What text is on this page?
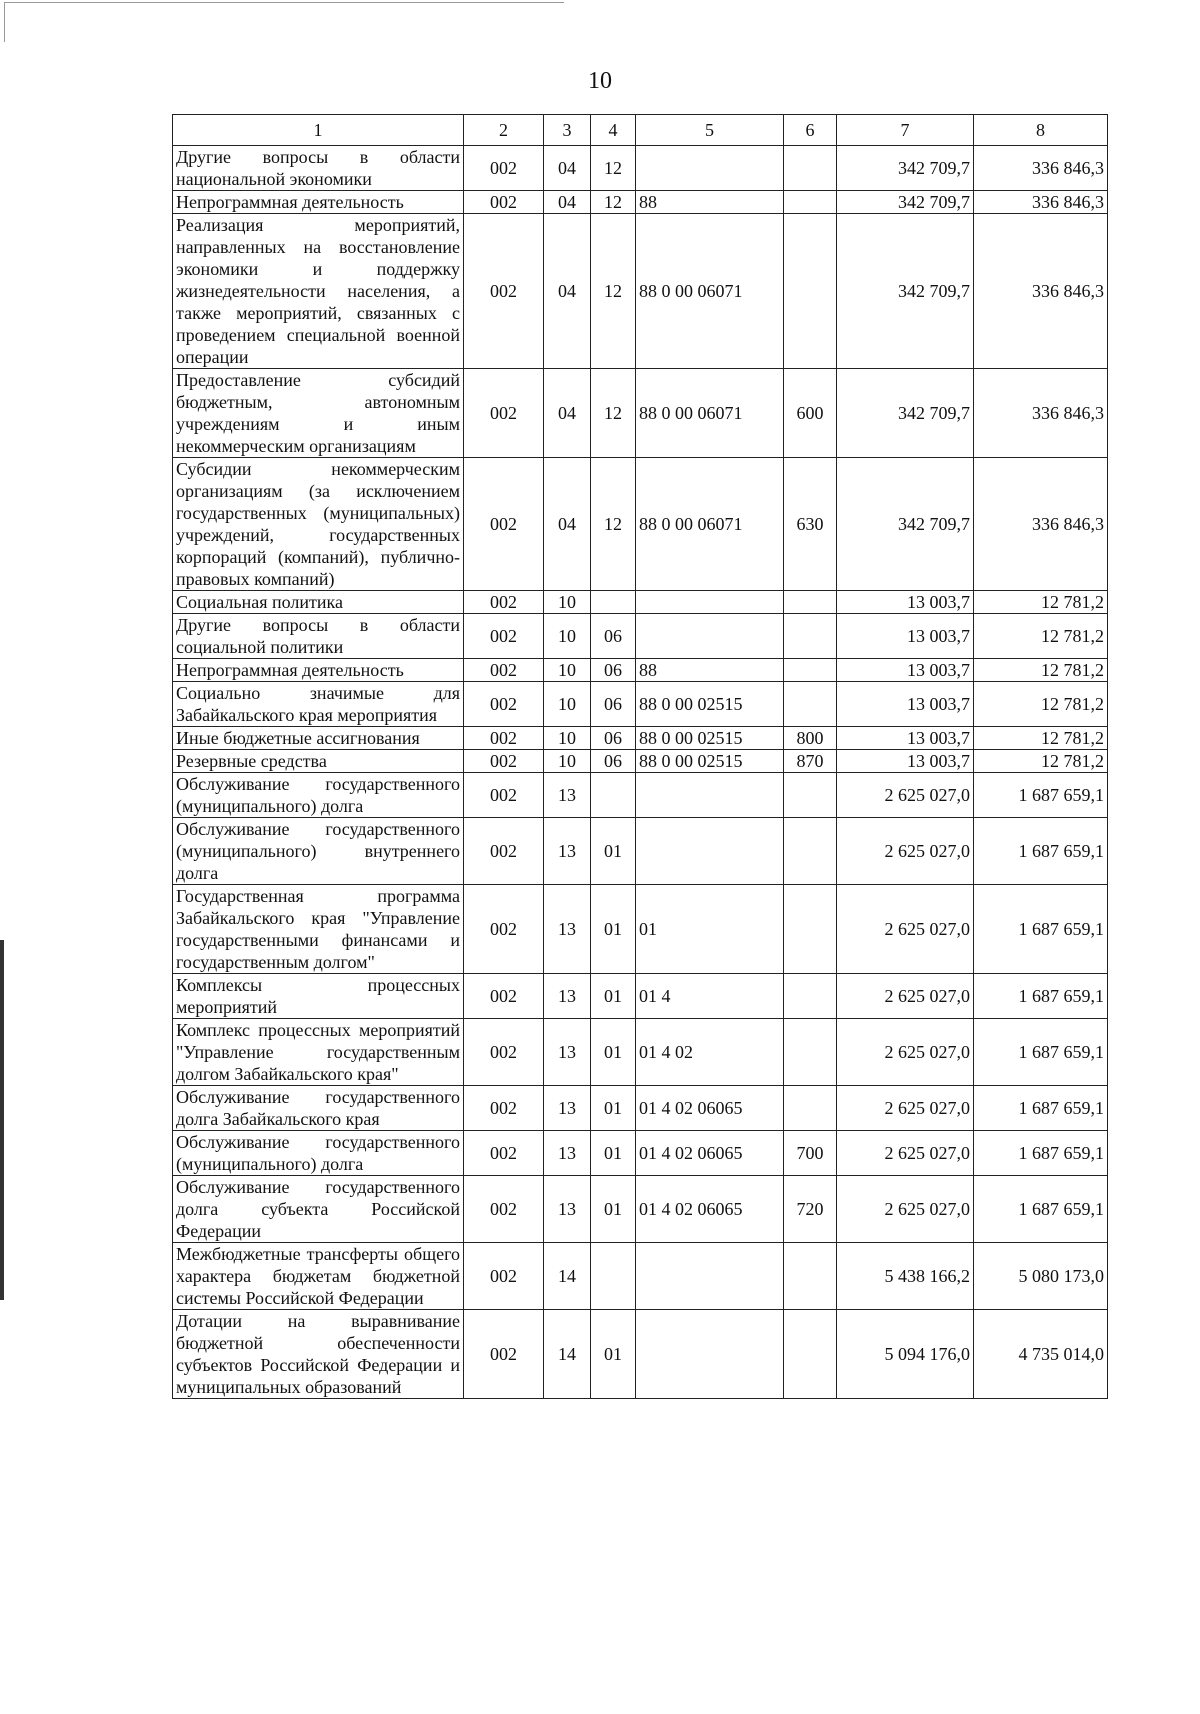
10
1	2	3	4	5	6	7	8
Другие вопросы в области национальной экономики	002	04	12			342 709,7	336 846,3
Непрограммная деятельность	002	04	12	88		342 709,7	336 846,3
Реализация мероприятий, направленных на восстановление экономики и поддержку жизнедеятельности населения, а также мероприятий, связанных с проведением специальной военной операции	002	04	12	88 0 00 06071		342 709,7	336 846,3
Предоставление субсидий бюджетным, автономным учреждениям и иным некоммерческим организациям	002	04	12	88 0 00 06071	600	342 709,7	336 846,3
Субсидии некоммерческим организациям (за исключением государственных (муниципальных) учреждений, государственных корпораций (компаний), публично-правовых компаний)	002	04	12	88 0 00 06071	630	342 709,7	336 846,3
Социальная политика	002	10				13 003,7	12 781,2
Другие вопросы в области социальной политики	002	10	06			13 003,7	12 781,2
Непрограммная деятельность	002	10	06	88		13 003,7	12 781,2
Социально значимые для Забайкальского края мероприятия	002	10	06	88 0 00 02515		13 003,7	12 781,2
Иные бюджетные ассигнования	002	10	06	88 0 00 02515	800	13 003,7	12 781,2
Резервные средства	002	10	06	88 0 00 02515	870	13 003,7	12 781,2
Обслуживание государственного (муниципального) долга	002	13				2 625 027,0	1 687 659,1
Обслуживание государственного (муниципального) внутреннего долга	002	13	01			2 625 027,0	1 687 659,1
Государственная программа Забайкальского края "Управление государственными финансами и государственным долгом"	002	13	01	01		2 625 027,0	1 687 659,1
Комплексы процессных мероприятий	002	13	01	01 4		2 625 027,0	1 687 659,1
Комплекс процессных мероприятий "Управление государственным долгом Забайкальского края"	002	13	01	01 4 02		2 625 027,0	1 687 659,1
Обслуживание государственного долга Забайкальского края	002	13	01	01 4 02 06065		2 625 027,0	1 687 659,1
Обслуживание государственного (муниципального) долга	002	13	01	01 4 02 06065	700	2 625 027,0	1 687 659,1
Обслуживание государственного долга субъекта Российской Федерации	002	13	01	01 4 02 06065	720	2 625 027,0	1 687 659,1
Межбюджетные трансферты общего характера бюджетам бюджетной системы Российской Федерации	002	14				5 438 166,2	5 080 173,0
Дотации на выравнивание бюджетной обеспеченности субъектов Российской Федерации и муниципальных образований	002	14	01			5 094 176,0	4 735 014,0
